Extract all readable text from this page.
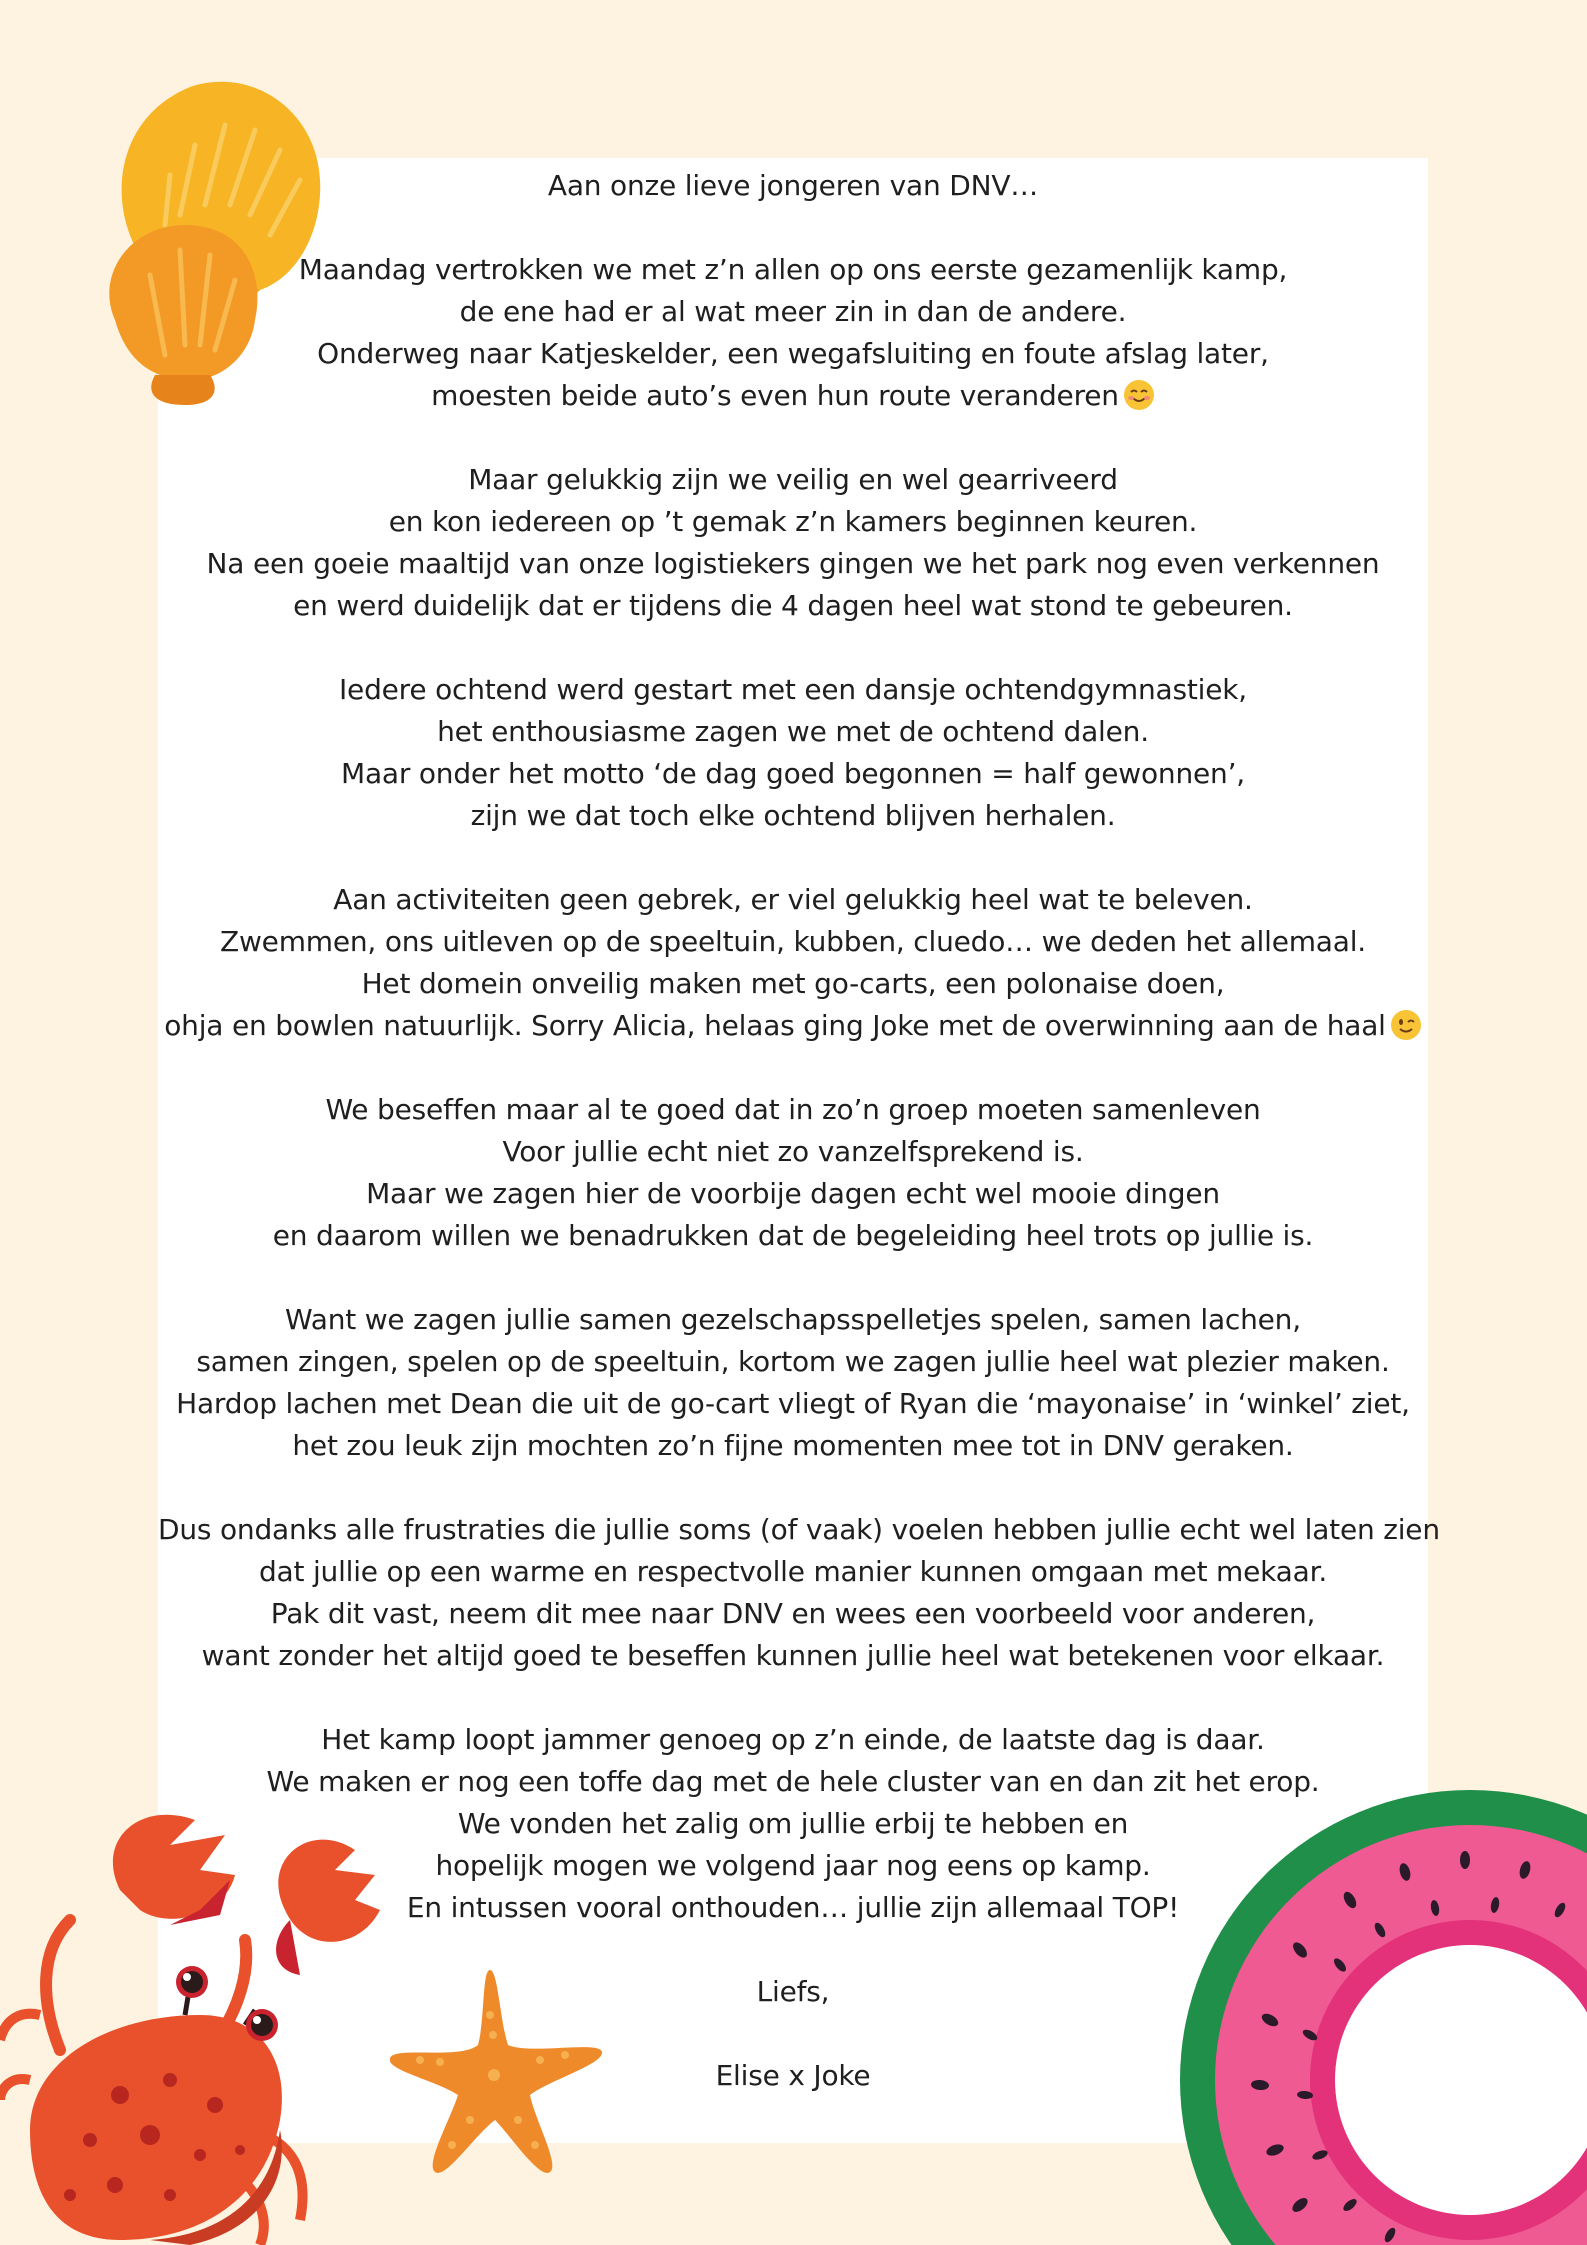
Aan onze lieve jongeren van DNV…
Maandag vertrokken we met z’n allen op ons eerste gezamenlijk kamp,
de ene had er al wat meer zin in dan de andere.
Onderweg naar Katjeskelder, een wegafsluiting en foute afslag later,
moesten beide auto’s even hun route veranderen
Maar gelukkig zijn we veilig en wel gearriveerd
en kon iedereen op ’t gemak z’n kamers beginnen keuren.
Na een goeie maaltijd van onze logistiekers gingen we het park nog even verkennen
en werd duidelijk dat er tijdens die 4 dagen heel wat stond te gebeuren.
Iedere ochtend werd gestart met een dansje ochtendgymnastiek,
het enthousiasme zagen we met de ochtend dalen.
Maar onder het motto ‘de dag goed begonnen = half gewonnen’,
zijn we dat toch elke ochtend blijven herhalen.
Aan activiteiten geen gebrek, er viel gelukkig heel wat te beleven.
Zwemmen, ons uitleven op de speeltuin, kubben, cluedo… we deden het allemaal.
Het domein onveilig maken met go-carts, een polonaise doen,
ohja en bowlen natuurlijk. Sorry Alicia, helaas ging Joke met de overwinning aan de haal
We beseffen maar al te goed dat in zo’n groep moeten samenleven
Voor jullie echt niet zo vanzelfsprekend is.
Maar we zagen hier de voorbije dagen echt wel mooie dingen
en daarom willen we benadrukken dat de begeleiding heel trots op jullie is.
Want we zagen jullie samen gezelschapsspelletjes spelen, samen lachen,
samen zingen, spelen op de speeltuin, kortom we zagen jullie heel wat plezier maken.
Hardop lachen met Dean die uit de go-cart vliegt of Ryan die ‘mayonaise’ in ‘winkel’ ziet,
het zou leuk zijn mochten zo’n fijne momenten mee tot in DNV geraken.
Dus ondanks alle frustraties die jullie soms (of vaak) voelen hebben jullie echt wel laten zien
dat jullie op een warme en respectvolle manier kunnen omgaan met mekaar.
Pak dit vast, neem dit mee naar DNV en wees een voorbeeld voor anderen,
want zonder het altijd goed te beseffen kunnen jullie heel wat betekenen voor elkaar.
Het kamp loopt jammer genoeg op z’n einde, de laatste dag is daar.
We maken er nog een toffe dag met de hele cluster van en dan zit het erop.
We vonden het zalig om jullie erbij te hebben en
hopelijk mogen we volgend jaar nog eens op kamp.
En intussen vooral onthouden… jullie zijn allemaal TOP!
Liefs,
Elise x Joke
